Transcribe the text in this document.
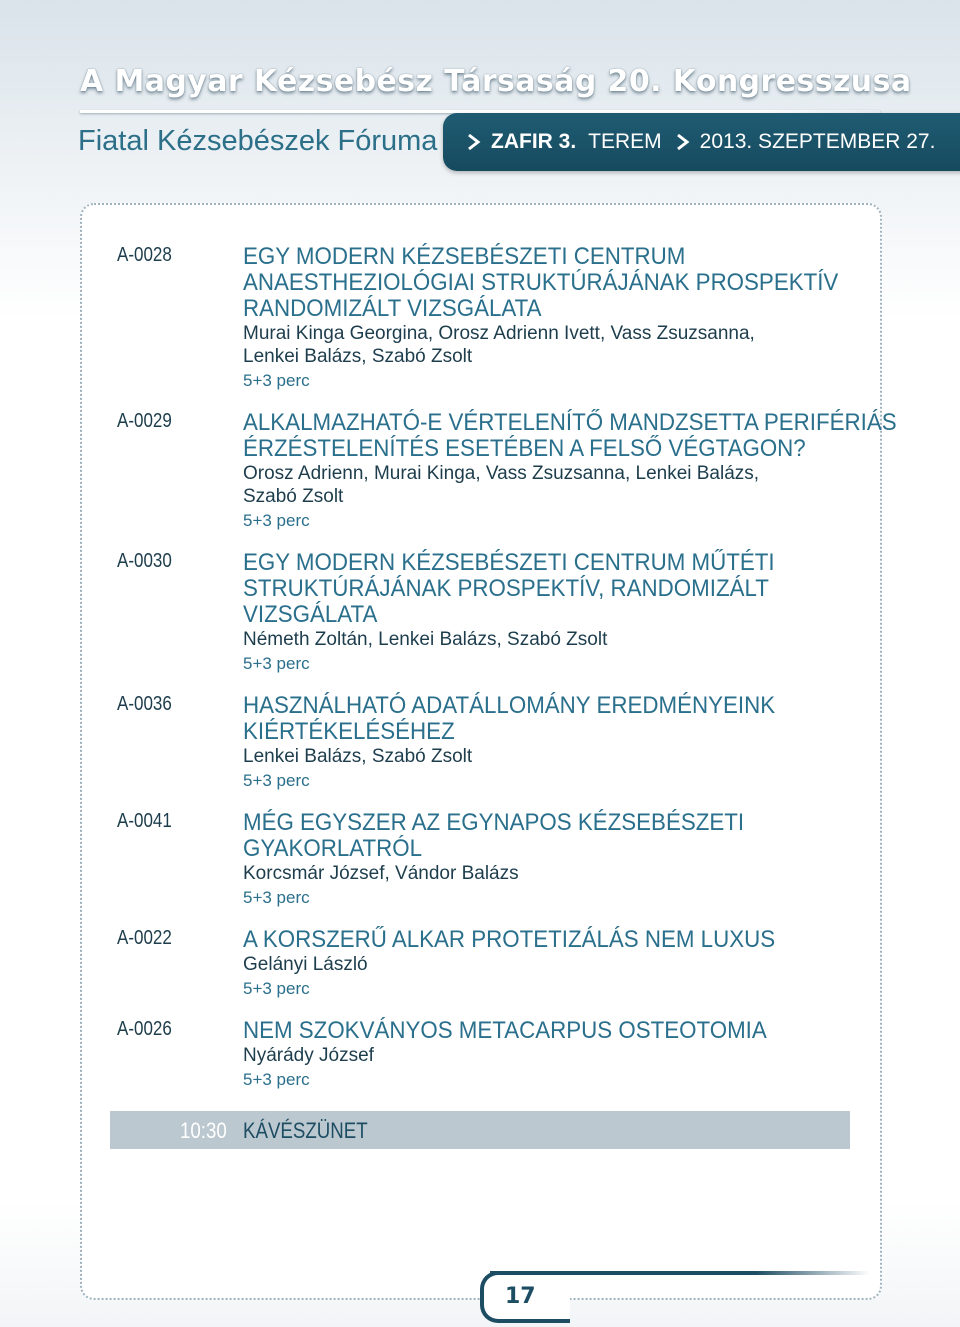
A Magyar Kézsebész Társaság 20. Kongresszusa
Fiatal Kézsebészek Fóruma	ZAFIR 3. TEREM 2013. SZEPTEMBER 27.
A-0028	EGY MODERN KÉZSEBÉSZETI CENTRUM
ANAESTHEZIOLÓGIAI STRUKTÚRÁJÁNAK PROSPEKTÍV
RANDOMIZÁLT VIZSGÁLATA
Murai Kinga Georgina, Orosz Adrienn Ivett, Vass Zsuzsanna,
Lenkei Balázs, Szabó Zsolt
5+3 perc
A-0029	ALKALMAZHATÓ-E VÉRTELENÍTŐ MANDZSETTA PERIFÉRIÁS
ÉRZÉSTELENÍTÉS ESETÉBEN A FELSŐ VÉGTAGON?
Orosz Adrienn, Murai Kinga, Vass Zsuzsanna, Lenkei Balázs,
Szabó Zsolt
5+3 perc
A-0030	EGY MODERN KÉZSEBÉSZETI CENTRUM MŰTÉTI
STRUKTÚRÁJÁNAK PROSPEKTÍV, RANDOMIZÁLT
VIZSGÁLATA
Németh Zoltán, Lenkei Balázs, Szabó Zsolt
5+3 perc
A-0036	HASZNÁLHATÓ ADATÁLLOMÁNY EREDMÉNYEINK
KIÉRTÉKELÉSÉHEZ
Lenkei Balázs, Szabó Zsolt
5+3 perc
A-0041	MÉG EGYSZER AZ EGYNAPOS KÉZSEBÉSZETI
GYAKORLATRÓL
Korcsmár József, Vándor Balázs
5+3 perc
A-0022	A KORSZERŰ ALKAR PROTETIZÁLÁS NEM LUXUS
Gelányi László
5+3 perc
A-0026	NEM SZOKVÁNYOS METACARPUS OSTEOTOMIA
Nyárády József
5+3 perc
10:30 KÁVÉSZÜNET
17
